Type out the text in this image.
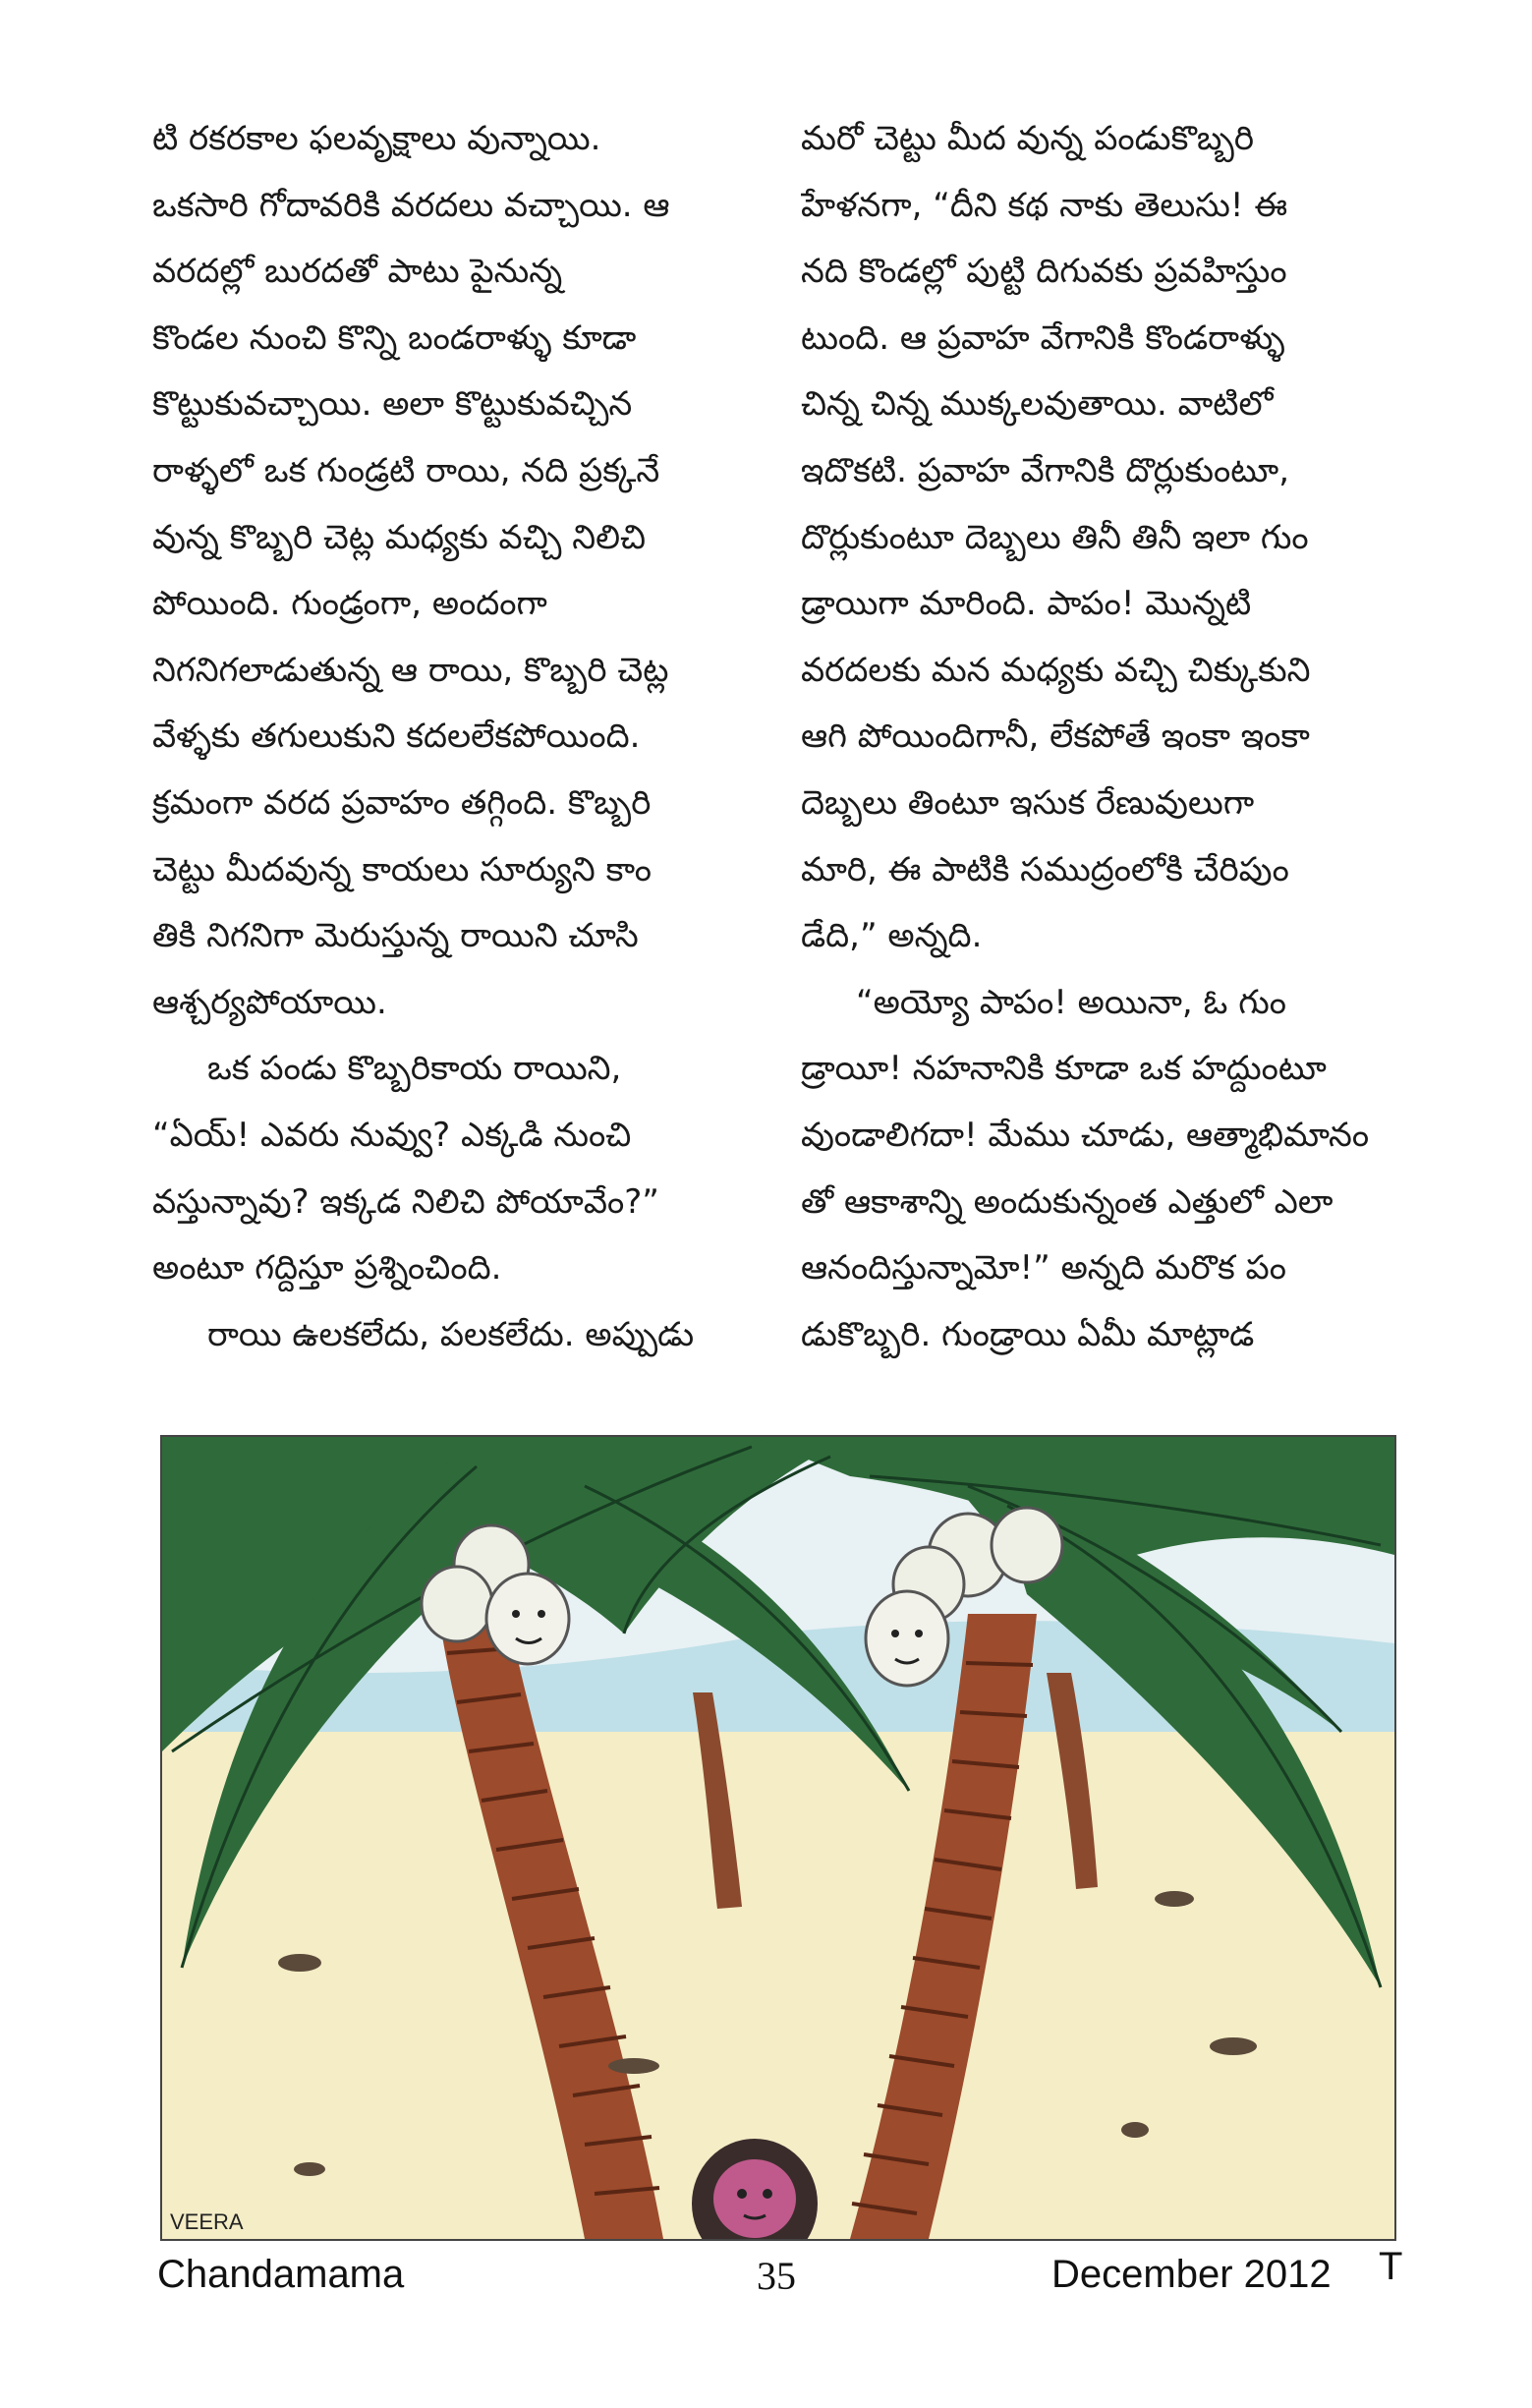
టి రకరకాల ఫలవృక్షాలు వున్నాయి.
ఒకసారి గోదావరికి వరదలు వచ్చాయి. ఆ
వరదల్లో బురదతో పాటు పైనున్న
కొండల నుంచి కొన్ని బండరాళ్ళు కూడా
కొట్టుకువచ్చాయి. అలా కొట్టుకువచ్చిన
రాళ్ళలో ఒక గుండ్రటి రాయి, నది ప్రక్కనే
వున్న కొబ్బరి చెట్ల మధ్యకు వచ్చి నిలిచి
పోయింది. గుండ్రంగా, అందంగా
నిగనిగలాడుతున్న ఆ రాయి, కొబ్బరి చెట్ల
వేళ్ళకు తగులుకుని కదలలేకపోయింది.
క్రమంగా వరద ప్రవాహం తగ్గింది. కొబ్బరి
చెట్టు మీదవున్న కాయలు సూర్యుని కాం
తికి నిగనిగా మెరుస్తున్న రాయిని చూసి
ఆశ్చర్యపోయాయి.
ఒక పండు కొబ్బరికాయ రాయిని,
“ఏయ్! ఎవరు నువ్వు? ఎక్కడి నుంచి
వస్తున్నావు? ఇక్కడ నిలిచి పోయావేం?”
అంటూ గద్దిస్తూ ప్రశ్నించింది.
రాయి ఉలకలేదు, పలకలేదు. అప్పుడు
మరో చెట్టు మీద వున్న పండుకొబ్బరి
హేళనగా, “దీని కథ నాకు తెలుసు! ఈ
నది కొండల్లో పుట్టి దిగువకు ప్రవహిస్తుం
టుంది. ఆ ప్రవాహ వేగానికి కొండరాళ్ళు
చిన్న చిన్న ముక్కలవుతాయి. వాటిలో
ఇదొకటి. ప్రవాహ వేగానికి దొర్లుకుంటూ,
దొర్లుకుంటూ దెబ్బలు తినీ తినీ ఇలా గుం
డ్రాయిగా మారింది. పాపం! మొన్నటి
వరదలకు మన మధ్యకు వచ్చి చిక్కుకుని
ఆగి పోయిందిగానీ, లేకపోతే ఇంకా ఇంకా
దెబ్బలు తింటూ ఇసుక రేణువులుగా
మారి, ఈ పాటికి సముద్రంలోకి చేరిపుం
డేది,” అన్నది.
“అయ్యో పాపం! అయినా, ఓ గుం
డ్రాయీ! నహనానికి కూడా ఒక హద్దుంటూ
వుండాలిగదా! మేము చూడు, ఆత్మాభిమానం
తో ఆకాశాన్ని అందుకున్నంత ఎత్తులో ఎలా
ఆనందిస్తున్నామో!” అన్నది మరొక పం
డుకొబ్బరి. గుండ్రాయి ఏమీ మాట్లాడ
VEERA
Chandamama	35	December 2012 T
